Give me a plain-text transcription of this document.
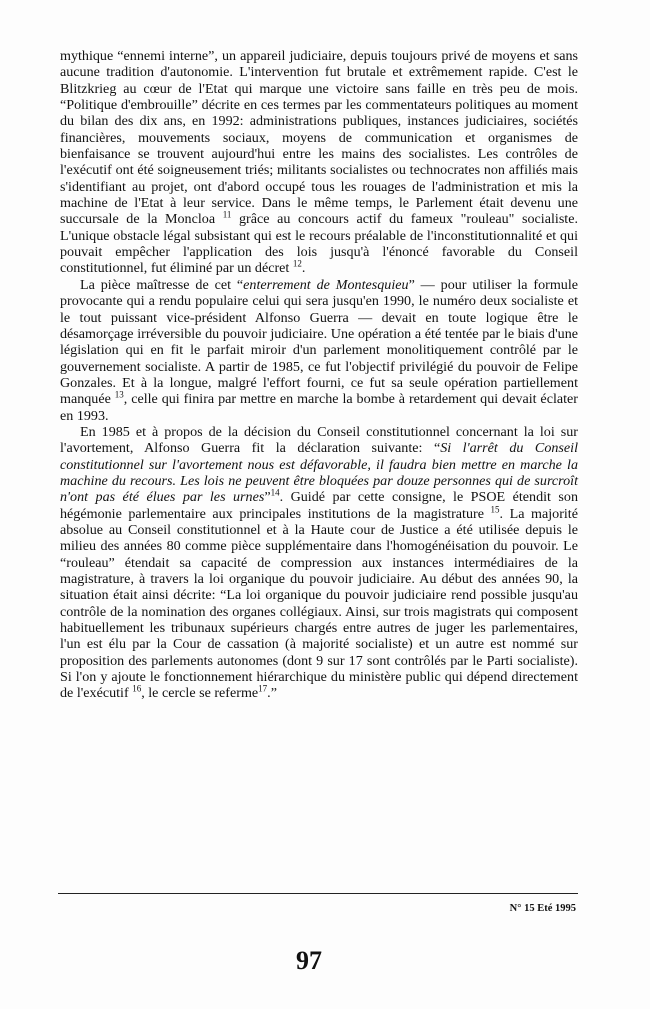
mythique “ennemi interne”, un appareil judiciaire, depuis toujours privé de moyens et sans aucune tradition d'autonomie. L'intervention fut brutale et extrêmement rapide. C'est le Blitzkrieg au cœur de l'Etat qui marque une victoire sans faille en très peu de mois. “Politique d'embrouille” décrite en ces termes par les commentateurs politiques au moment du bilan des dix ans, en 1992: administrations publiques, instances judiciaires, sociétés financières, mouvements sociaux, moyens de communication et organismes de bienfaisance se trouvent aujourd'hui entre les mains des socialistes. Les contrôles de l'exécutif ont été soigneusement triés; militants socialistes ou technocrates non affiliés mais s'identifiant au projet, ont d'abord occupé tous les rouages de l'administration et mis la machine de l'Etat à leur service. Dans le même temps, le Parlement était devenu une succursale de la Moncloa $^{11}$ grâce au concours actif du fameux "rouleau" socialiste. L'unique obstacle légal subsistant qui est le recours préalable de l'inconstitutionnalité et qui pouvait empêcher l'application des lois jusqu'à l'énoncé favorable du Conseil constitutionnel, fut éliminé par un décret $^{12}$.

La pièce maîtresse de cet “enterrement de Montesquieu” — pour utiliser la formule provocante qui a rendu populaire celui qui sera jusqu'en 1990, le numéro deux socialiste et le tout puissant vice-président Alfonso Guerra — devait en toute logique être le désamorçage irréversible du pouvoir judiciaire. Une opération a été tentée par le biais d'une législation qui en fit le parfait miroir d'un parlement monolitiquement contrôlé par le gouvernement socialiste. A partir de 1985, ce fut l'objectif privilégié du pouvoir de Felipe Gonzales. Et à la longue, malgré l'effort fourni, ce fut sa seule opération partiellement manquée $^{13}$, celle qui finira par mettre en marche la bombe à retardement qui devait éclater en 1993.

En 1985 et à propos de la décision du Conseil constitutionnel concernant la loi sur l'avortement, Alfonso Guerra fit la déclaration suivante: “Si l'arrêt du Conseil constitutionnel sur l'avortement nous est défavorable, il faudra bien mettre en marche la machine du recours. Les lois ne peuvent être bloquées par douze personnes qui de surcroît n'ont pas été élues par les urnes”$^{14}$. Guidé par cette consigne, le PSOE étendit son hégémonie parlementaire aux principales institutions de la magistrature $^{15}$. La majorité absolue au Conseil constitutionnel et à la Haute cour de Justice a été utilisée depuis le milieu des années 80 comme pièce supplémentaire dans l'homogénéisation du pouvoir. Le “rouleau” étendait sa capacité de compression aux instances intermédiaires de la magistrature, à travers la loi organique du pouvoir judiciaire. Au début des années 90, la situation était ainsi décrite: “La loi organique du pouvoir judiciaire rend possible jusqu'au contrôle de la nomination des organes collégiaux. Ainsi, sur trois magistrats qui composent habituellement les tribunaux supérieurs chargés entre autres de juger les parlementaires, l'un est élu par la Cour de cassation (à majorité socialiste) et un autre est nommé sur proposition des parlements autonomes (dont 9 sur 17 sont contrôlés par le Parti socialiste). Si l'on y ajoute le fonctionnement hiérarchique du ministère public qui dépend directement de l'exécutif $^{16}$, le cercle se referme$^{17}$.”

N° 15 Eté 1995
97
